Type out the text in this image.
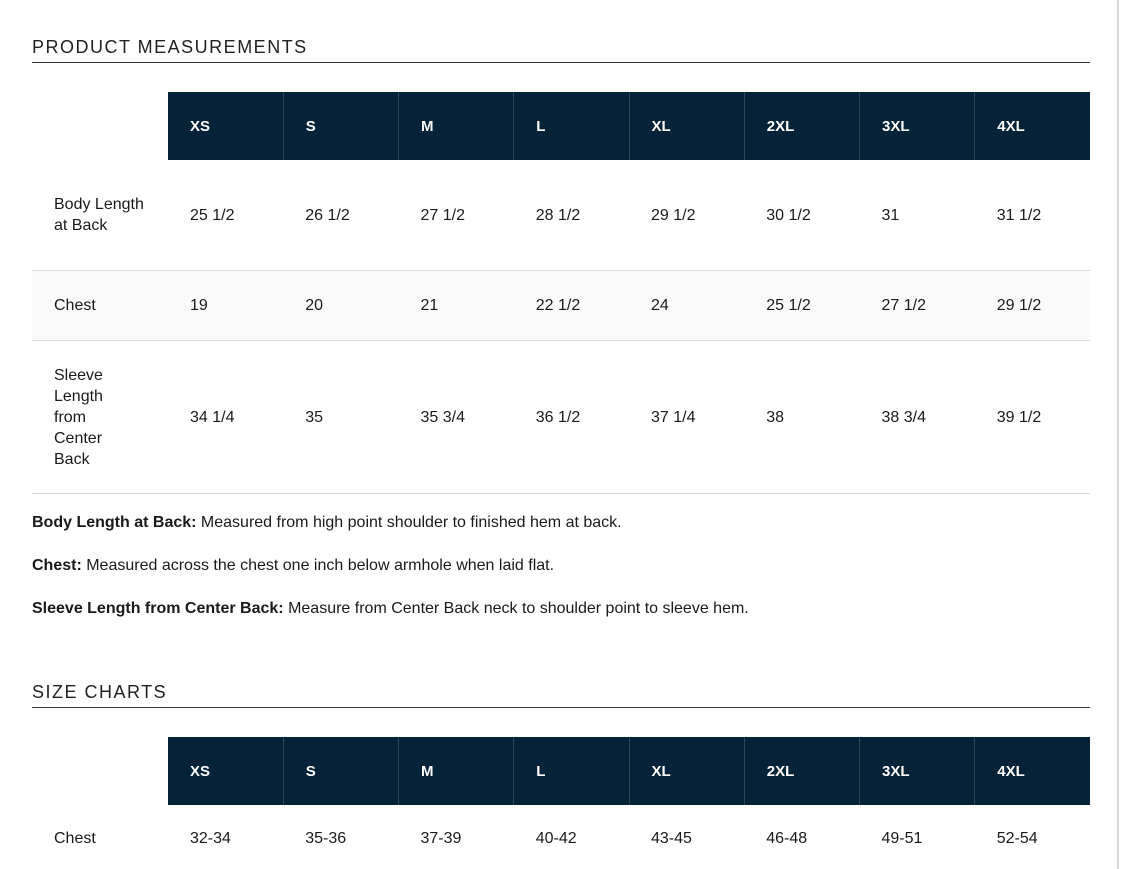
PRODUCT MEASUREMENTS
	XS	S	M	L	XL	2XL	3XL	4XL
Body Length at Back	25 1/2	26 1/2	27 1/2	28 1/2	29 1/2	30 1/2	31	31 1/2
Chest	19	20	21	22 1/2	24	25 1/2	27 1/2	29 1/2
Sleeve Length from Center Back	34 1/4	35	35 3/4	36 1/2	37 1/4	38	38 3/4	39 1/2

Body Length at Back: Measured from high point shoulder to finished hem at back.

Chest: Measured across the chest one inch below armhole when laid flat.

Sleeve Length from Center Back: Measure from Center Back neck to shoulder point to sleeve hem.

SIZE CHARTS
	XS	S	M	L	XL	2XL	3XL	4XL
Chest	32-34	35-36	37-39	40-42	43-45	46-48	49-51	52-54
